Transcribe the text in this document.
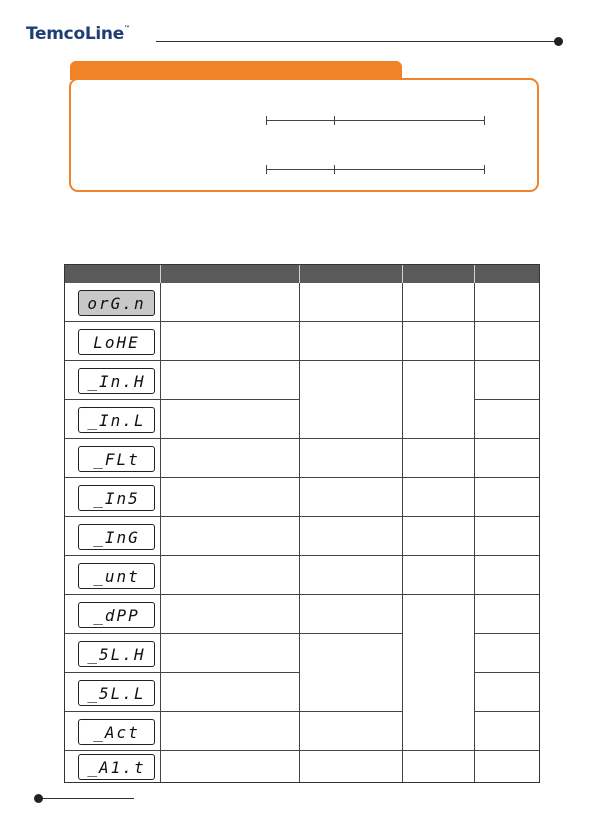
TemcoLine™
orG.n
LoHE
_In.H
_In.L
_FLt
_In5
_InG
_unt
_dPP
_5L.H
_5L.L
_Act
_A1.t
